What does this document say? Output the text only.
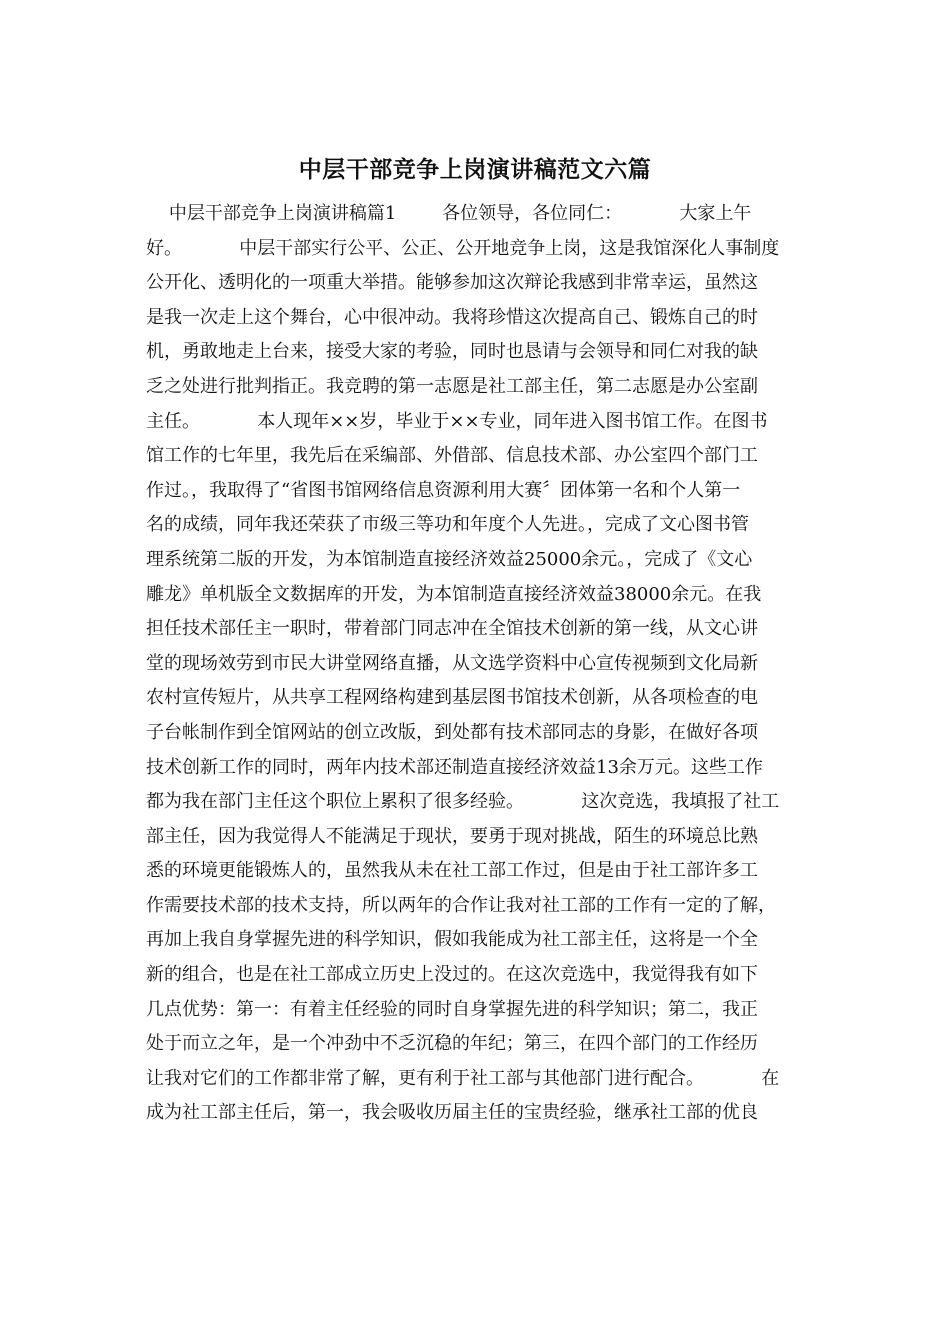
中层干部竞争上岗演讲稿范文六篇
中层干部竞争上岗演讲稿篇1        各位领导，各位同仁：          大家上午
好。          中层干部实行公平、公正、公开地竞争上岗，这是我馆深化人事制度
公开化、透明化的一项重大举措。能够参加这次辩论我感到非常幸运，虽然这
是我一次走上这个舞台，心中很冲动。我将珍惜这次提高自己、锻炼自己的时
机，勇敢地走上台来，接受大家的考验，同时也恳请与会领导和同仁对我的缺
乏之处进行批判指正。我竞聘的第一志愿是社工部主任，第二志愿是办公室副
主任。          本人现年××岁，毕业于××专业，同年进入图书馆工作。在图书
馆工作的七年里，我先后在采编部、外借部、信息技术部、办公室四个部门工
作过。，我取得了“省图书馆网络信息资源利用大赛〞团体第一名和个人第一
名的成绩，同年我还荣获了市级三等功和年度个人先进。，完成了文心图书管
理系统第二版的开发，为本馆制造直接经济效益25000余元。，完成了《文心
雕龙》单机版全文数据库的开发，为本馆制造直接经济效益38000余元。在我
担任技术部任主一职时，带着部门同志冲在全馆技术创新的第一线，从文心讲
堂的现场效劳到市民大讲堂网络直播，从文选学资料中心宣传视频到文化局新
农村宣传短片，从共享工程网络构建到基层图书馆技术创新，从各项检查的电
子台帐制作到全馆网站的创立改版，到处都有技术部同志的身影，在做好各项
技术创新工作的同时，两年内技术部还制造直接经济效益13余万元。这些工作
都为我在部门主任这个职位上累积了很多经验。          这次竞选，我填报了社工
部主任，因为我觉得人不能满足于现状，要勇于现对挑战，陌生的环境总比熟
悉的环境更能锻炼人的，虽然我从未在社工部工作过，但是由于社工部许多工
作需要技术部的技术支持，所以两年的合作让我对社工部的工作有一定的了解，
再加上我自身掌握先进的科学知识，假如我能成为社工部主任，这将是一个全
新的组合，也是在社工部成立历史上没过的。在这次竞选中，我觉得我有如下
几点优势：第一：有着主任经验的同时自身掌握先进的科学知识；第二，我正
处于而立之年，是一个冲劲中不乏沉稳的年纪；第三，在四个部门的工作经历
让我对它们的工作都非常了解，更有利于社工部与其他部门进行配合。          在
成为社工部主任后，第一，我会吸收历届主任的宝贵经验，继承社工部的优良
